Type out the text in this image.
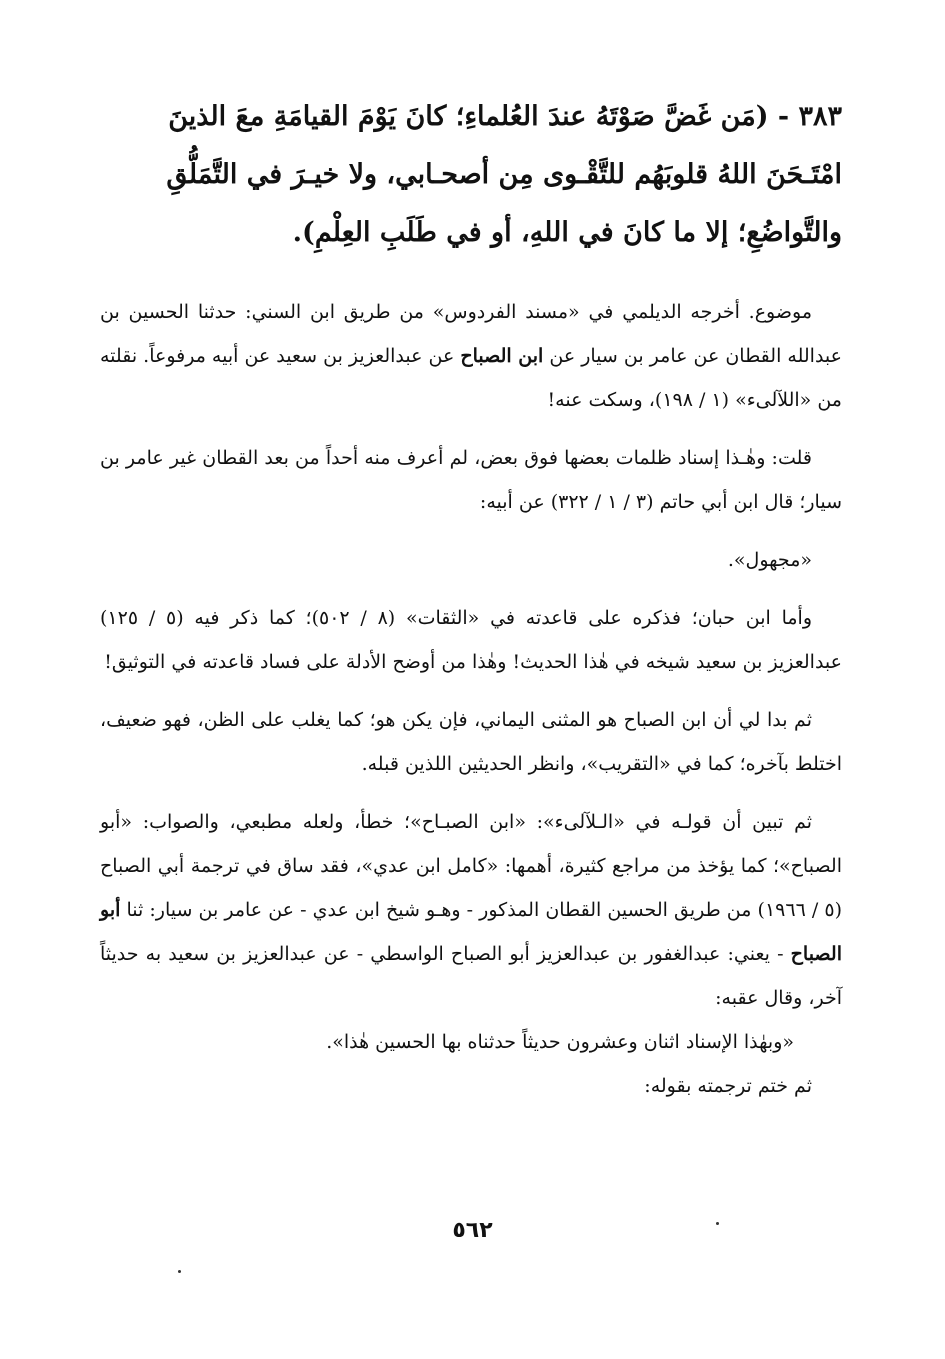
٣٨٣ - (مَن غَضَّ صَوْتَهُ عندَ العُلماءِ؛ كانَ يَوْمَ القيامَةِ معَ الذينَ
امْتَـحَنَ اللهُ قلوبَهُم للتَّقْـوى مِن أصحـابي، ولا خيـرَ في التَّمَلُّقِ
والتَّواضُعِ؛ إلا ما كانَ في اللهِ، أو في طَلَبِ العِلْمِ).

موضوع. أخرجه الديلمي في «مسند الفردوس» من طريق ابن السني: حدثنا الحسين بن عبدالله القطان عن عامر بن سيار عن ابن الصباح عن عبدالعزيز بن سعيد عن أبيه مرفوعاً. نقلته من «اللآلىء» (١ / ١٩٨)، وسكت عنه!

قلت: وهٰـذا إسناد ظلمات بعضها فوق بعض، لم أعرف منه أحداً من بعد القطان غير عامر بن سيار؛ قال ابن أبي حاتم (٣ / ١ / ٣٢٢) عن أبيه:

«مجهول».

وأما ابن حبان؛ فذكره على قاعدته في «الثقات» (٨ / ٥٠٢)؛ كما ذكر فيه (٥ / ١٢٥) عبدالعزيز بن سعيد شيخه في هٰذا الحديث! وهٰذا من أوضح الأدلة على فساد قاعدته في التوثيق!

ثم بدا لي أن ابن الصباح هو المثنى اليماني، فإن يكن هو؛ كما يغلب على الظن، فهو ضعيف، اختلط بآخره؛ كما في «التقريب»، وانظر الحديثين اللذين قبله.

ثم تبين أن قولـه في «الـلآلىء»: «ابن الصبـاح»؛ خطأ، ولعله مطبعي، والصواب: «أبو الصباح»؛ كما يؤخذ من مراجع كثيرة، أهمها: «كامل ابن عدي»، فقد ساق في ترجمة أبي الصباح (٥ / ١٩٦٦) من طريق الحسين القطان المذكور - وهـو شيخ ابن عدي - عن عامر بن سيار: ثنا أبو الصباح - يعني: عبدالغفور بن عبدالعزيز أبو الصباح الواسطي - عن عبدالعزيز بن سعيد به حديثاً آخر، وقال عقبه:

«وبهٰذا الإسناد اثنان وعشرون حديثاً حدثناه بها الحسين هٰذا».

ثم ختم ترجمته بقوله:

٥٦٢
